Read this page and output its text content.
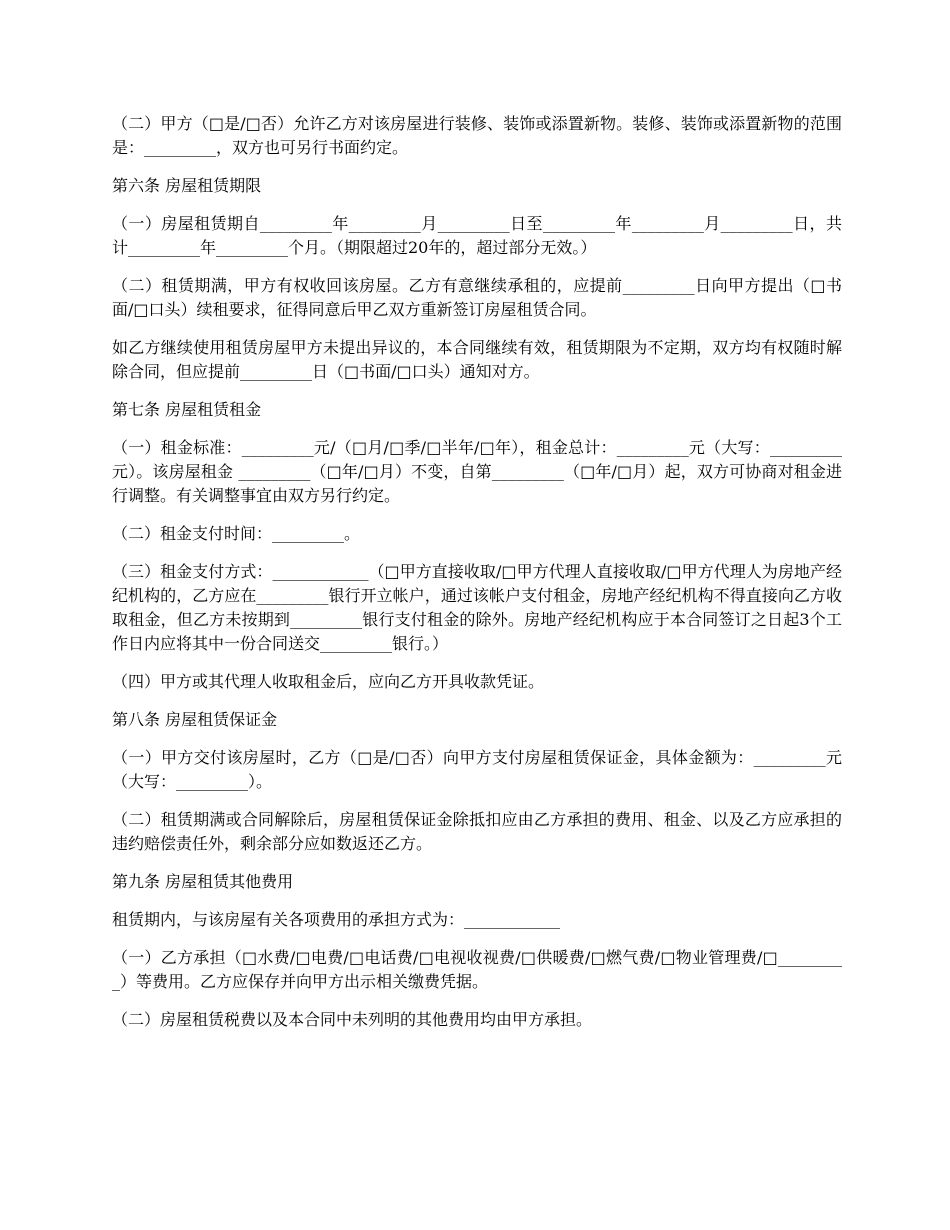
（二）甲方（□是/□否）允许乙方对该房屋进行装修、装饰或添置新物。装修、装饰或添置新物的范围是：_________，双方也可另行书面约定。

第六条 房屋租赁期限

（一）房屋租赁期自_________年_________月_________日至_________年_________月_________日，共计_________年_________个月。（期限超过20年的，超过部分无效。）

（二）租赁期满，甲方有权收回该房屋。乙方有意继续承租的，应提前_________日向甲方提出（□书面/□口头）续租要求，征得同意后甲乙双方重新签订房屋租赁合同。

如乙方继续使用租赁房屋甲方未提出异议的，本合同继续有效，租赁期限为不定期，双方均有权随时解除合同，但应提前_________日（□书面/□口头）通知对方。

第七条 房屋租赁租金

（一）租金标准：_________元/（□月/□季/□半年/□年），租金总计：_________元（大写：_________元）。该房屋租金 _________（□年/□月）不变，自第_________（□年/□月）起，双方可协商对租金进行调整。有关调整事宜由双方另行约定。

（二）租金支付时间：_________。

（三）租金支付方式：____________（□甲方直接收取/□甲方代理人直接收取/□甲方代理人为房地产经纪机构的，乙方应在_________银行开立帐户，通过该帐户支付租金，房地产经纪机构不得直接向乙方收取租金，但乙方未按期到_________银行支付租金的除外。房地产经纪机构应于本合同签订之日起3个工作日内应将其中一份合同送交_________银行。）

（四）甲方或其代理人收取租金后，应向乙方开具收款凭证。

第八条 房屋租赁保证金

（一）甲方交付该房屋时，乙方（□是/□否）向甲方支付房屋租赁保证金，具体金额为：_________元（大写：_________）。

（二）租赁期满或合同解除后，房屋租赁保证金除抵扣应由乙方承担的费用、租金、以及乙方应承担的违约赔偿责任外，剩余部分应如数返还乙方。

第九条 房屋租赁其他费用

租赁期内，与该房屋有关各项费用的承担方式为：____________

（一）乙方承担（□水费/□电费/□电话费/□电视收视费/□供暖费/□燃气费/□物业管理费/□_________）等费用。乙方应保存并向甲方出示相关缴费凭据。

（二）房屋租赁税费以及本合同中未列明的其他费用均由甲方承担。
